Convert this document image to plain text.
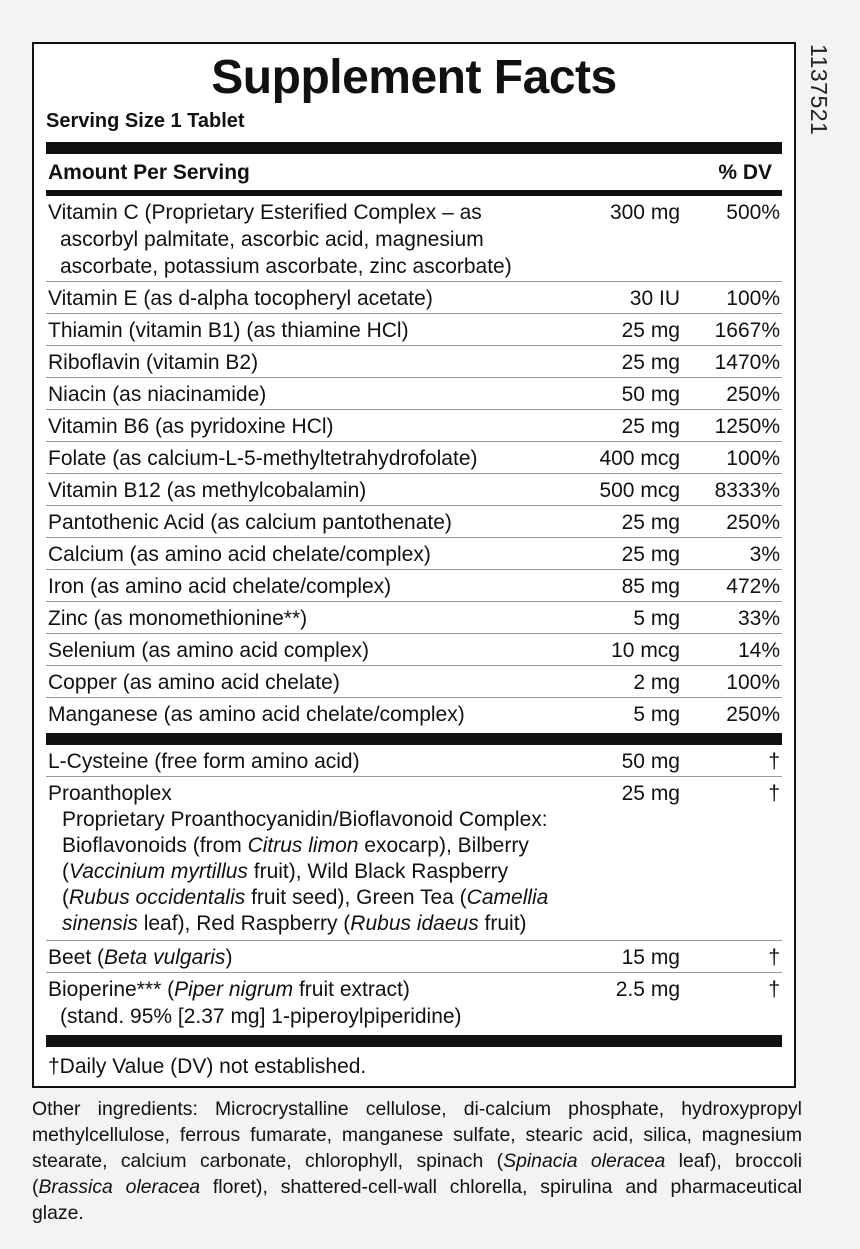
1137521
Supplement Facts
Serving Size 1 Tablet
Amount Per Serving	% DV
Vitamin C (Proprietary Esterified Complex – as
ascorbyl palmitate, ascorbic acid, magnesium
ascorbate, potassium ascorbate, zinc ascorbate)
300 mg	500%
Vitamin E (as d-alpha tocopheryl acetate)	30 IU	100%
Thiamin (vitamin B1) (as thiamine HCl)	25 mg	1667%
Riboflavin (vitamin B2)	25 mg	1470%
Niacin (as niacinamide)	50 mg	250%
Vitamin B6 (as pyridoxine HCl)	25 mg	1250%
Folate (as calcium-L-5-methyltetrahydrofolate)	400 mcg	100%
Vitamin B12 (as methylcobalamin)	500 mcg	8333%
Pantothenic Acid (as calcium pantothenate)	25 mg	250%
Calcium (as amino acid chelate/complex)	25 mg	3%
Iron (as amino acid chelate/complex)	85 mg	472%
Zinc (as monomethionine**)	5 mg	33%
Selenium (as amino acid complex)	10 mcg	14%
Copper (as amino acid chelate)	2 mg	100%
Manganese (as amino acid chelate/complex)	5 mg	250%
L-Cysteine (free form amino acid)	50 mg	†
Proanthoplex
Proprietary Proanthocyanidin/Bioflavonoid Complex:
Bioflavonoids (from Citrus limon exocarp), Bilberry (Vaccinium myrtillus fruit), Wild Black Raspberry (Rubus occidentalis fruit seed), Green Tea (Camellia sinensis leaf), Red Raspberry (Rubus idaeus fruit)
25 mg	†
Beet (Beta vulgaris)	15 mg	†
Bioperine*** (Piper nigrum fruit extract)
(stand. 95% [2.37 mg] 1-piperoylpiperidine)
2.5 mg	†
†Daily Value (DV) not established.
Other ingredients: Microcrystalline cellulose, di-calcium phosphate, hydroxypropyl methylcellulose, ferrous fumarate, manganese sulfate, stearic acid, silica, magnesium stearate, calcium carbonate, chlorophyll, spinach (Spinacia oleracea leaf), broccoli (Brassica oleracea floret), shattered-cell-wall chlorella, spirulina and pharmaceutical glaze.
